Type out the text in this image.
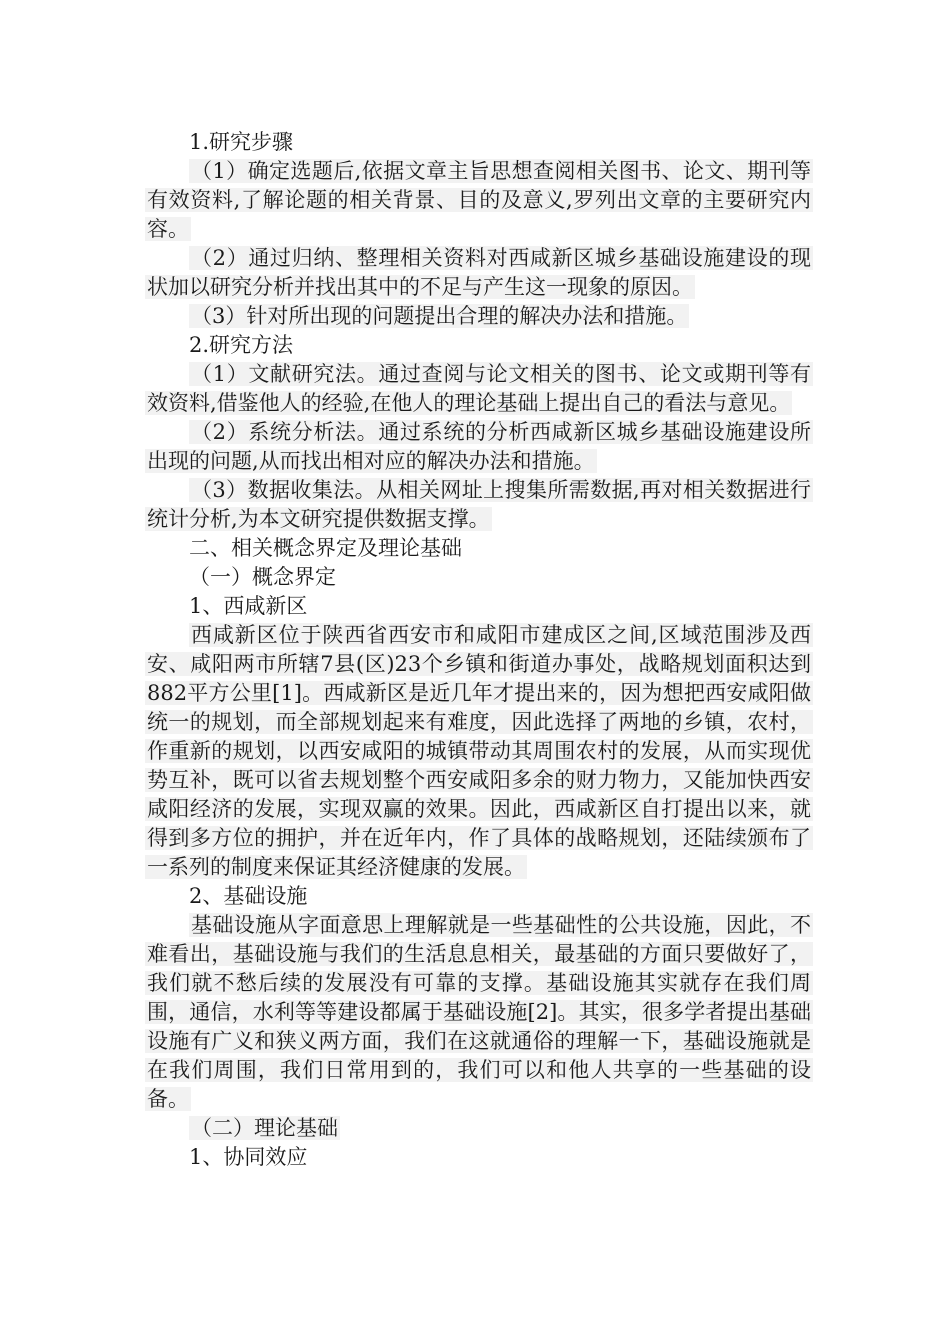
1.研究步骤

（1）确定选题后,依据文章主旨思想查阅相关图书、论文、期刊等有效资料,了解论题的相关背景、目的及意义,罗列出文章的主要研究内容。

（2）通过归纳、整理相关资料对西咸新区城乡基础设施建设的现状加以研究分析并找出其中的不足与产生这一现象的原因。

（3）针对所出现的问题提出合理的解决办法和措施。

2.研究方法

（1）文献研究法。通过查阅与论文相关的图书、论文或期刊等有效资料,借鉴他人的经验,在他人的理论基础上提出自己的看法与意见。

（2）系统分析法。通过系统的分析西咸新区城乡基础设施建设所出现的问题,从而找出相对应的解决办法和措施。

（3）数据收集法。从相关网址上搜集所需数据,再对相关数据进行统计分析,为本文研究提供数据支撑。

二、相关概念界定及理论基础

（一）概念界定

1、西咸新区

西咸新区位于陕西省西安市和咸阳市建成区之间,区域范围涉及西安、咸阳两市所辖7县(区)23个乡镇和街道办事处，战略规划面积达到882平方公里[1]。西咸新区是近几年才提出来的，因为想把西安咸阳做统一的规划，而全部规划起来有难度，因此选择了两地的乡镇，农村，作重新的规划，以西安咸阳的城镇带动其周围农村的发展，从而实现优势互补，既可以省去规划整个西安咸阳多余的财力物力，又能加快西安咸阳经济的发展，实现双赢的效果。因此，西咸新区自打提出以来，就得到多方位的拥护，并在近年内，作了具体的战略规划，还陆续颁布了一系列的制度来保证其经济健康的发展。

2、基础设施

基础设施从字面意思上理解就是一些基础性的公共设施，因此，不难看出，基础设施与我们的生活息息相关，最基础的方面只要做好了，我们就不愁后续的发展没有可靠的支撑。基础设施其实就存在我们周围，通信，水利等等建设都属于基础设施[2]。其实，很多学者提出基础设施有广义和狭义两方面，我们在这就通俗的理解一下，基础设施就是在我们周围，我们日常用到的，我们可以和他人共享的一些基础的设备。

（二）理论基础

1、协同效应
